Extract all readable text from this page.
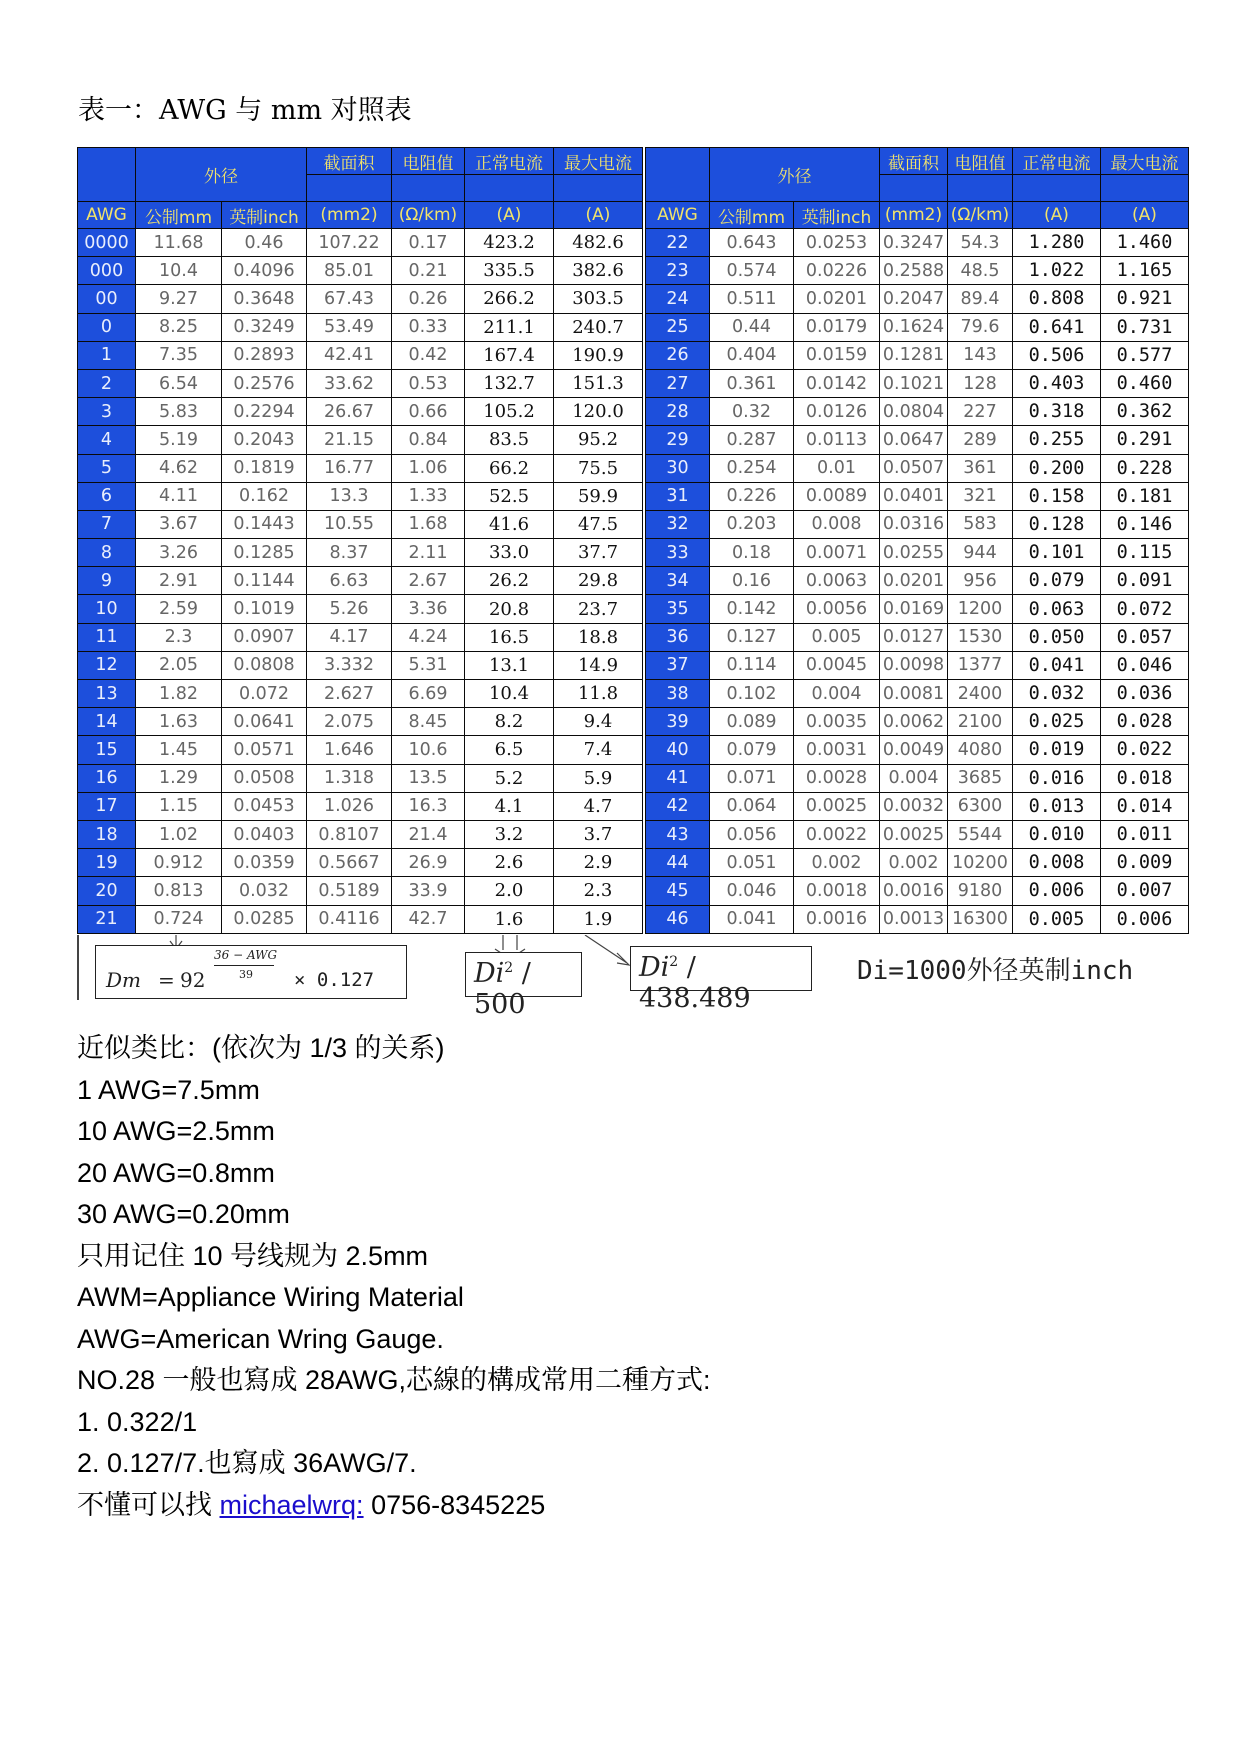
表一：AWG 与 mm 对照表
	外径		截面积	电阻值	正常电流	最大电流

AWG	公制mm	英制inch	(mm2)	(Ω/km)	(A)	(A)
0000	11.68	0.46	107.22	0.17	423.2	482.6
000	10.4	0.4096	85.01	0.21	335.5	382.6
00	9.27	0.3648	67.43	0.26	266.2	303.5
0	8.25	0.3249	53.49	0.33	211.1	240.7
1	7.35	0.2893	42.41	0.42	167.4	190.9
2	6.54	0.2576	33.62	0.53	132.7	151.3
3	5.83	0.2294	26.67	0.66	105.2	120.0
4	5.19	0.2043	21.15	0.84	83.5	95.2
5	4.62	0.1819	16.77	1.06	66.2	75.5
6	4.11	0.162	13.3	1.33	52.5	59.9
7	3.67	0.1443	10.55	1.68	41.6	47.5
8	3.26	0.1285	8.37	2.11	33.0	37.7
9	2.91	0.1144	6.63	2.67	26.2	29.8
10	2.59	0.1019	5.26	3.36	20.8	23.7
11	2.3	0.0907	4.17	4.24	16.5	18.8
12	2.05	0.0808	3.332	5.31	13.1	14.9
13	1.82	0.072	2.627	6.69	10.4	11.8
14	1.63	0.0641	2.075	8.45	8.2	9.4
15	1.45	0.0571	1.646	10.6	6.5	7.4
16	1.29	0.0508	1.318	13.5	5.2	5.9
17	1.15	0.0453	1.026	16.3	4.1	4.7
18	1.02	0.0403	0.8107	21.4	3.2	3.7
19	0.912	0.0359	0.5667	26.9	2.6	2.9
20	0.813	0.032	0.5189	33.9	2.0	2.3
21	0.724	0.0285	0.4116	42.7	1.6	1.9
	外径		截面积	电阻值	正常电流	最大电流

AWG	公制mm	英制inch	(mm2)	(Ω/km)	(A)	(A)
22	0.643	0.0253	0.3247	54.3	1.280	1.460
23	0.574	0.0226	0.2588	48.5	1.022	1.165
24	0.511	0.0201	0.2047	89.4	0.808	0.921
25	0.44	0.0179	0.1624	79.6	0.641	0.731
26	0.404	0.0159	0.1281	143	0.506	0.577
27	0.361	0.0142	0.1021	128	0.403	0.460
28	0.32	0.0126	0.0804	227	0.318	0.362
29	0.287	0.0113	0.0647	289	0.255	0.291
30	0.254	0.01	0.0507	361	0.200	0.228
31	0.226	0.0089	0.0401	321	0.158	0.181
32	0.203	0.008	0.0316	583	0.128	0.146
33	0.18	0.0071	0.0255	944	0.101	0.115
34	0.16	0.0063	0.0201	956	0.079	0.091
35	0.142	0.0056	0.0169	1200	0.063	0.072
36	0.127	0.005	0.0127	1530	0.050	0.057
37	0.114	0.0045	0.0098	1377	0.041	0.046
38	0.102	0.004	0.0081	2400	0.032	0.036
39	0.089	0.0035	0.0062	2100	0.025	0.028
40	0.079	0.0031	0.0049	4080	0.019	0.022
41	0.071	0.0028	0.004	3685	0.016	0.018
42	0.064	0.0025	0.0032	6300	0.013	0.014
43	0.056	0.0022	0.0025	5544	0.010	0.011
44	0.051	0.002	0.002	10200	0.008	0.009
45	0.046	0.0018	0.0016	9180	0.006	0.007
46	0.041	0.0016	0.0013	16300	0.005	0.006
Dm = 92
36 − AWG
39 × 0.127	Di$^2$ / 500
Di$^2$ / 438.489
Di=1000外径英制inch
近似类比：(依次为 1/3 的关系)
1 AWG=7.5mm
10 AWG=2.5mm
20 AWG=0.8mm
30 AWG=0.20mm
只用记住 10 号线规为 2.5mm
AWM=Appliance Wiring Material
AWG=American Wring Gauge.
NO.28 一般也寫成 28AWG,芯線的構成常用二種方式:
1. 0.322/1
2. 0.127/7.也寫成 36AWG/7.
不懂可以找 michaelwrq: 0756-8345225
